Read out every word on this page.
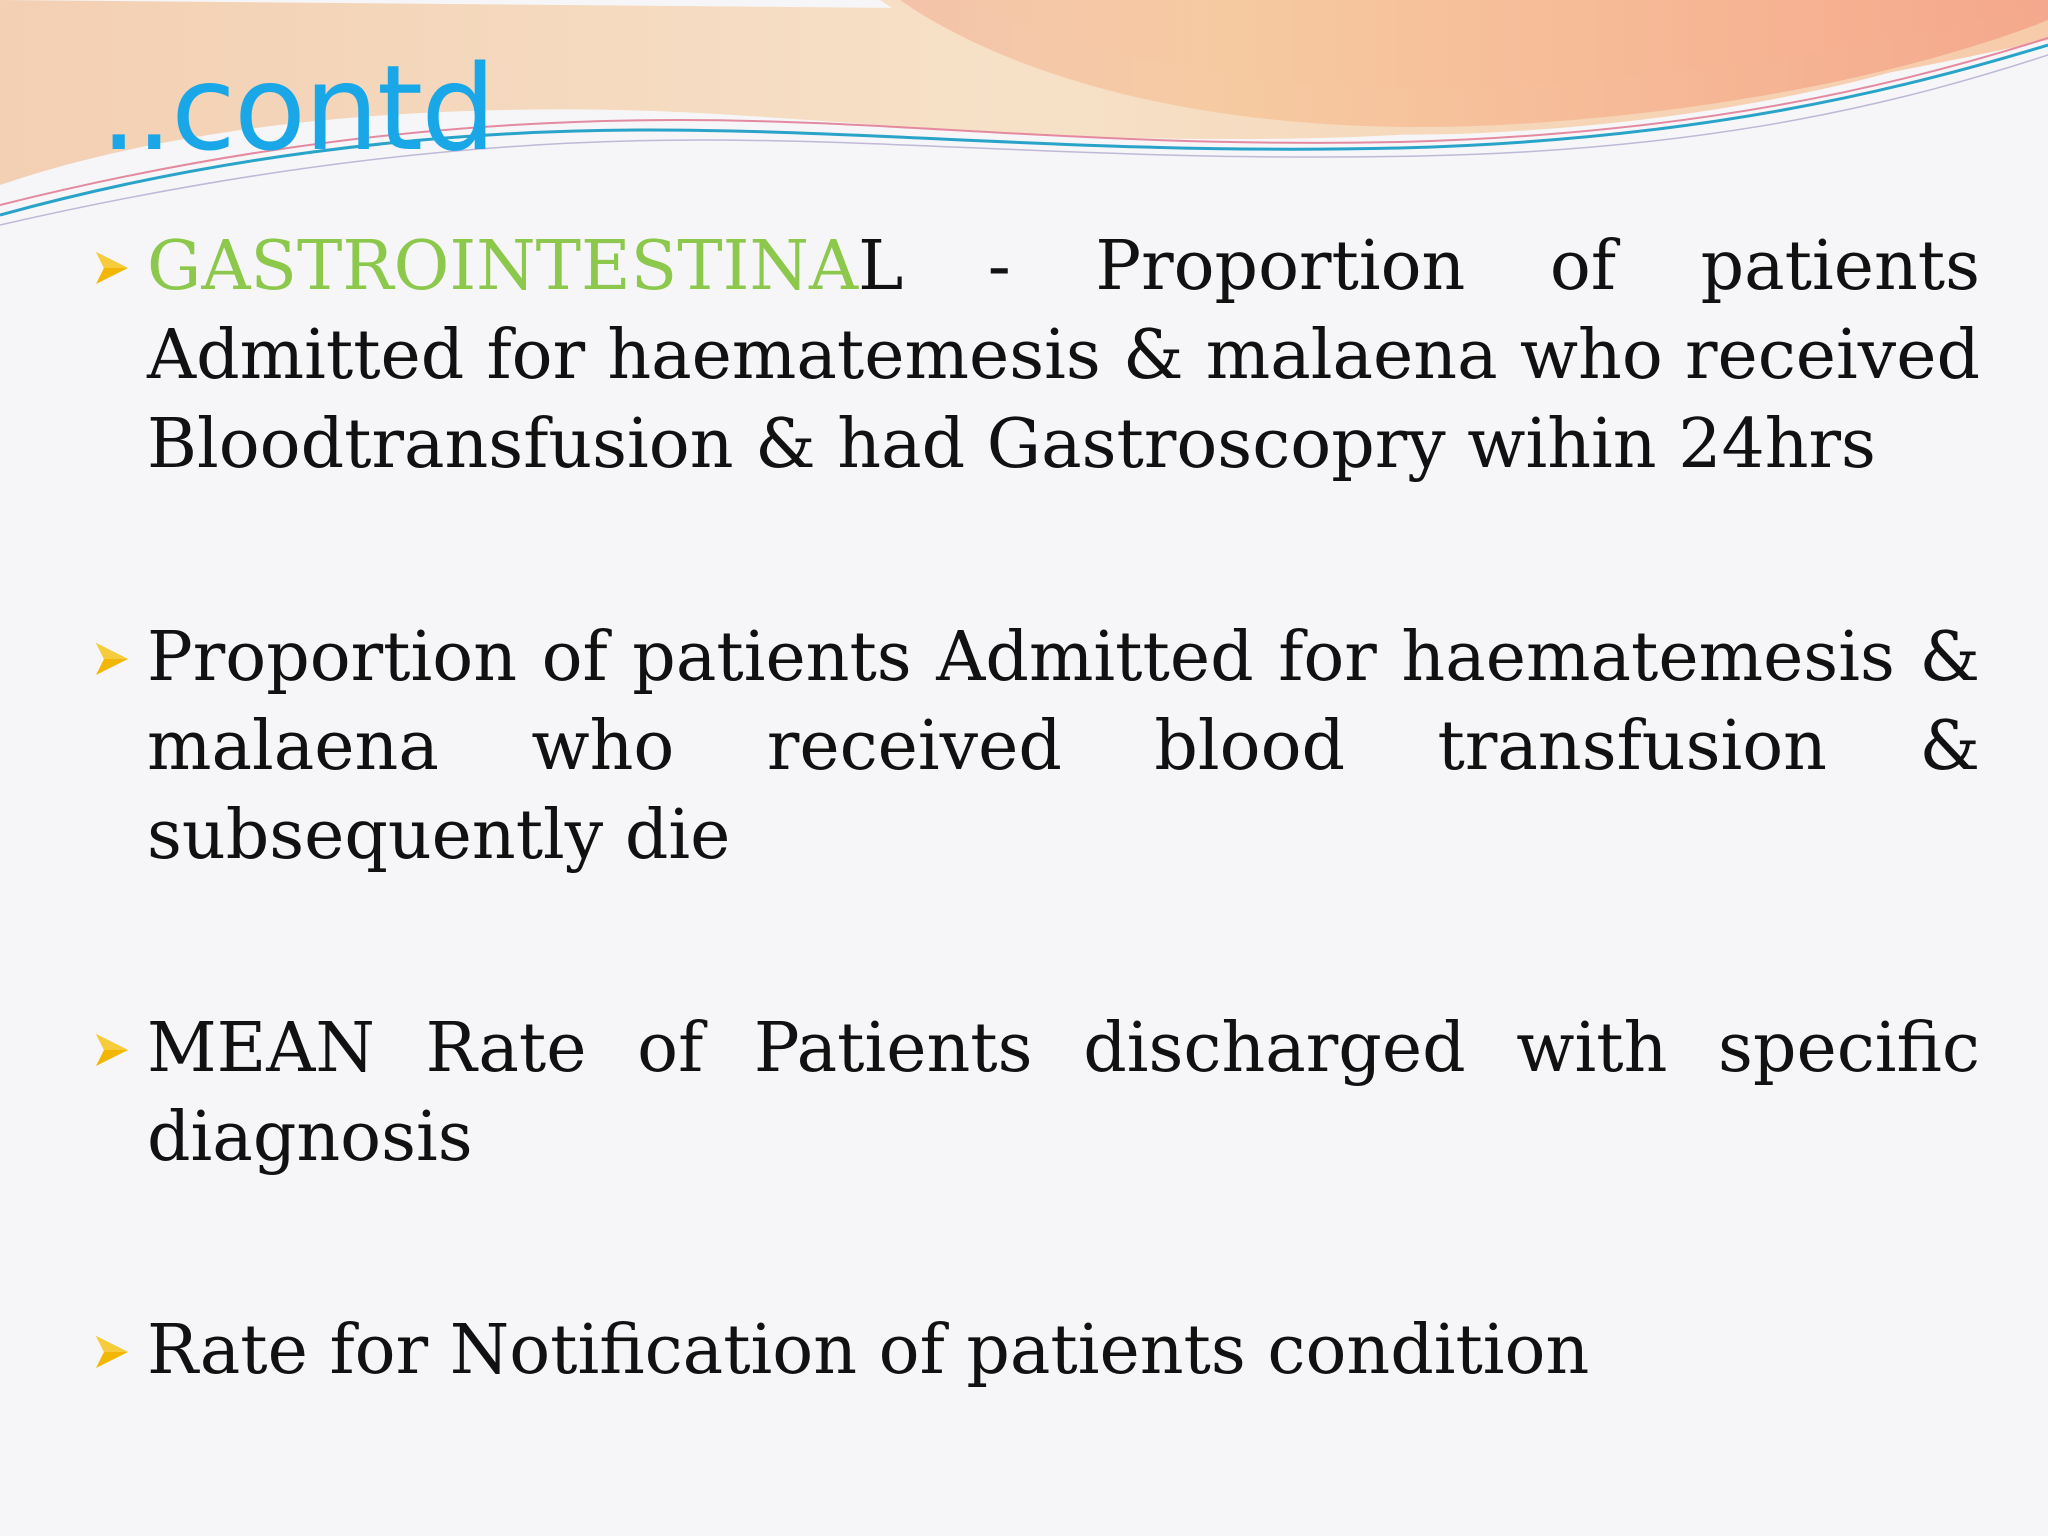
..contd
GASTROINTESTINAL - Proportion of patients Admitted for haematemesis & malaena who received Bloodtransfusion & had Gastroscopry wihin 24hrs
Proportion of patients Admitted for haematemesis & malaena who received blood transfusion & subsequently die
MEAN Rate of Patients discharged with specific diagnosis
Rate for Notification of patients condition
